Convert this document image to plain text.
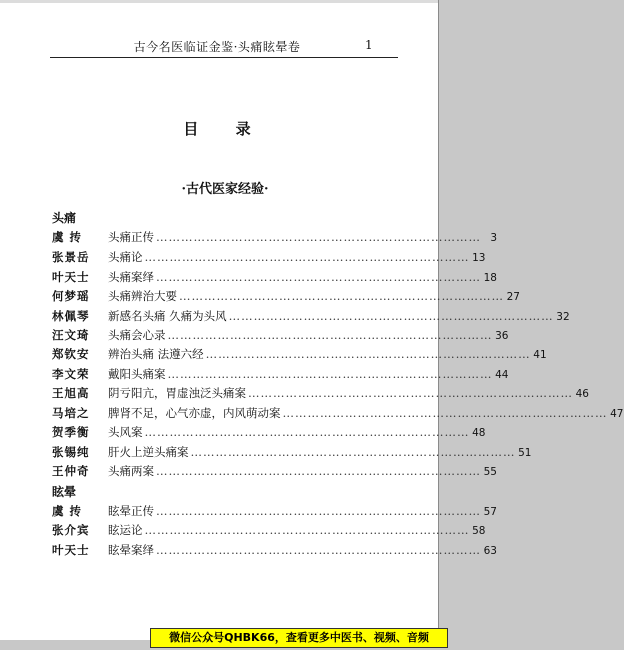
古今名医临证金鉴·头痛眩晕卷	1
目 录
·古代医家经验·
头痛
虞 抟	头痛正传 …………………………………………………………………… 3
张景岳	头痛论 …………………………………………………………………… 13
叶天士	头痛案绎 …………………………………………………………………… 18
何梦瑶	头痛辨治大要 …………………………………………………………………… 27
林佩琴	新感名头痛 久痛为头风 …………………………………………………………………… 32
汪文琦	头痛会心录 …………………………………………………………………… 36
郑钦安	辨治头痛 法遵六经 …………………………………………………………………… 41
李文荣	戴阳头痛案 …………………………………………………………………… 44
王旭高	阴亏阳亢，胃虚浊泛头痛案 …………………………………………………………………… 46
马培之	脾肾不足，心气亦虚，内风萌动案 …………………………………………………………………… 47
贺季衡	头风案 …………………………………………………………………… 48
张锡纯	肝火上逆头痛案 …………………………………………………………………… 51
王仲奇	头痛两案 …………………………………………………………………… 55
眩晕
虞 抟	眩晕正传 …………………………………………………………………… 57
张介宾	眩运论 …………………………………………………………………… 58
叶天士	眩晕案绎 …………………………………………………………………… 63
微信公众号QHBK66，查看更多中医书、视频、音频
